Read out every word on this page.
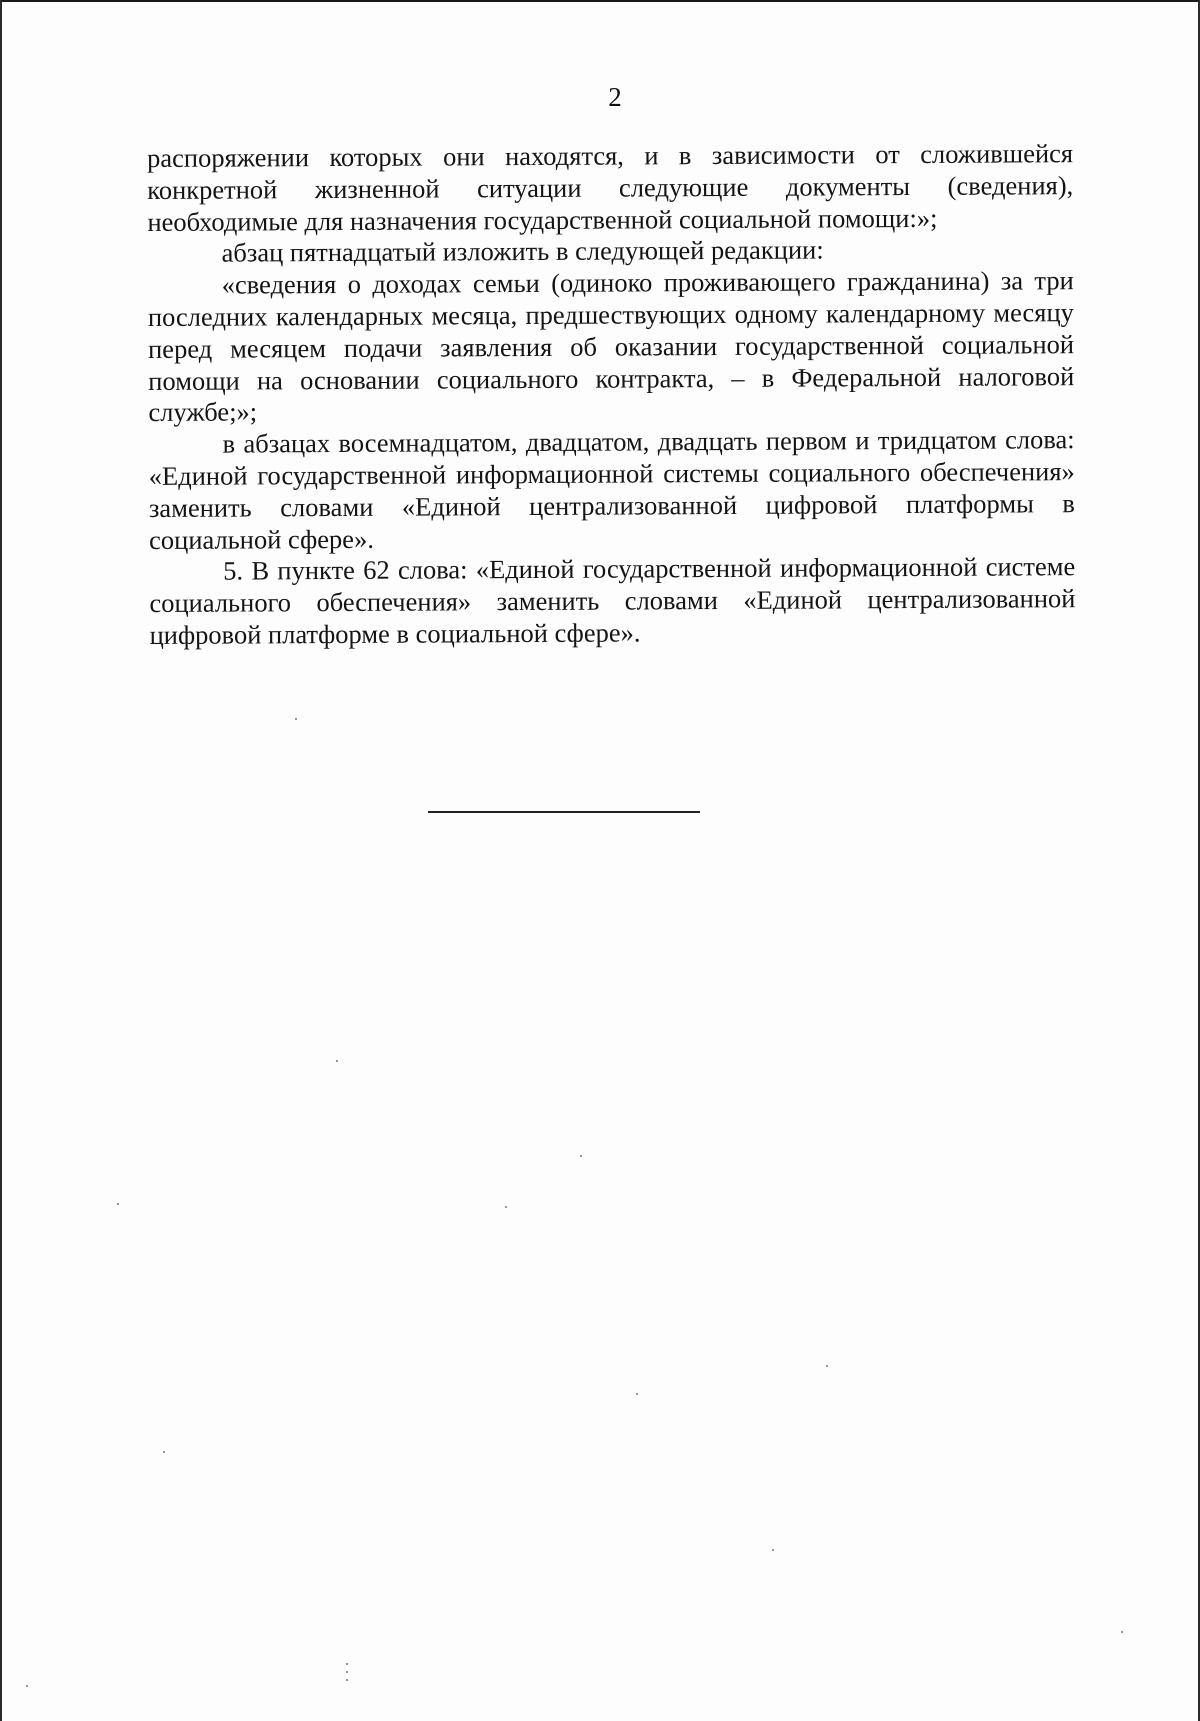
2

распоряжении которых они находятся, и в зависимости от сложившейся конкретной жизненной ситуации следующие документы (сведения), необходимые для назначения государственной социальной помощи:»;

абзац пятнадцатый изложить в следующей редакции:

«сведения о доходах семьи (одиноко проживающего гражданина) за три последних календарных месяца, предшествующих одному календарному месяцу перед месяцем подачи заявления об оказании государственной социальной помощи на основании социального контракта, – в Федеральной налоговой службе;»;

в абзацах восемнадцатом, двадцатом, двадцать первом и тридцатом слова: «Единой государственной информационной системы социального обеспечения» заменить словами «Единой централизованной цифровой платформы в социальной сфере».

5. В пункте 62 слова: «Единой государственной информационной системе социального обеспечения» заменить словами «Единой централизованной цифровой платформе в социальной сфере».
